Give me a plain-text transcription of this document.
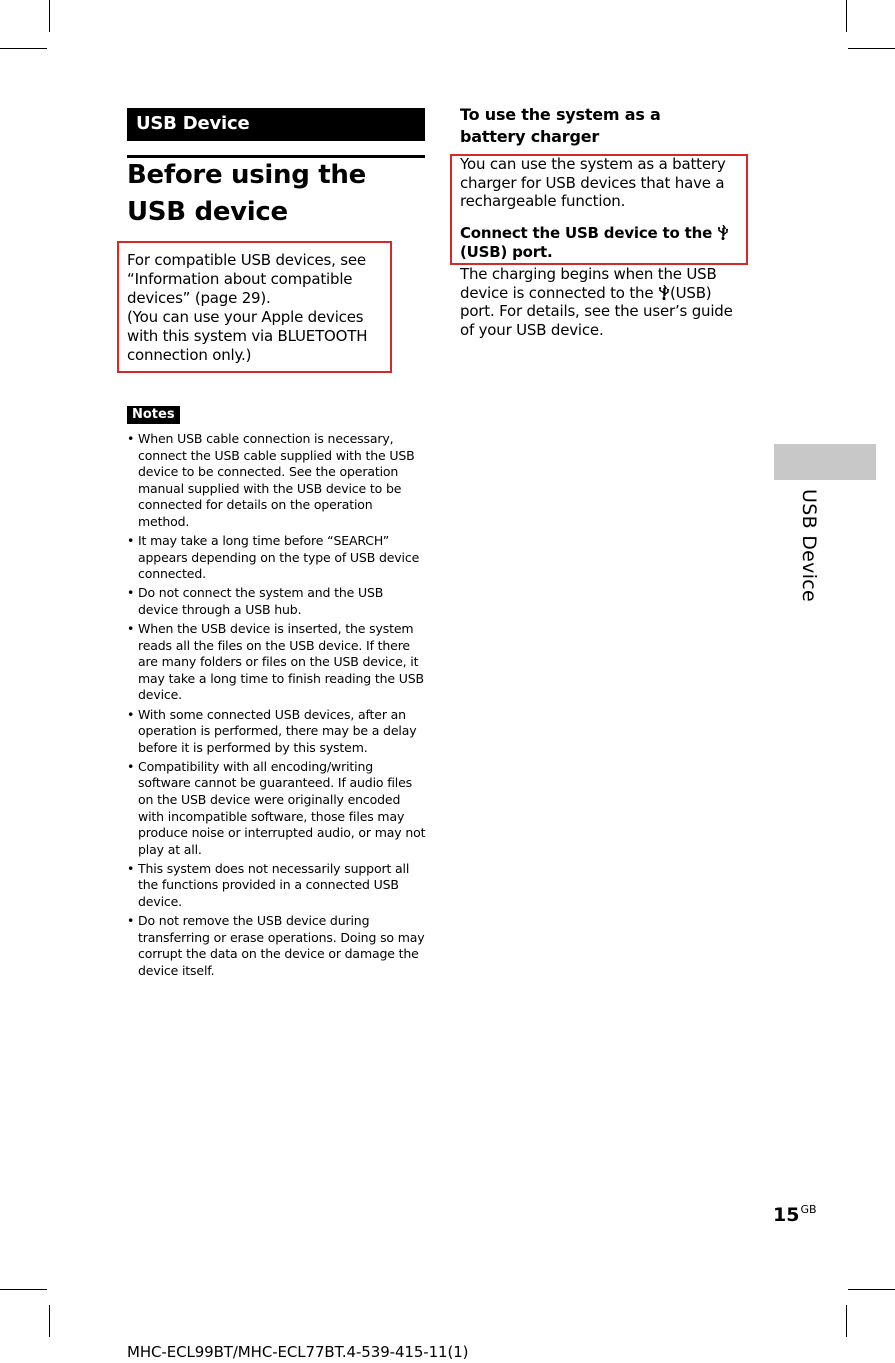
USB Device
Before using the USB device

For compatible USB devices, see “Information about compatible devices” (page 29).
(You can use your Apple devices with this system via BLUETOOTH connection only.)

Notes
• When USB cable connection is necessary, connect the USB cable supplied with the USB device to be connected. See the operation manual supplied with the USB device to be connected for details on the operation method.
• It may take a long time before “SEARCH” appears depending on the type of USB device connected.
• Do not connect the system and the USB device through a USB hub.
• When the USB device is inserted, the system reads all the files on the USB device. If there are many folders or files on the USB device, it may take a long time to finish reading the USB device.
• With some connected USB devices, after an operation is performed, there may be a delay before it is performed by this system.
• Compatibility with all encoding/writing software cannot be guaranteed. If audio files on the USB device were originally encoded with incompatible software, those files may produce noise or interrupted audio, or may not play at all.
• This system does not necessarily support all the functions provided in a connected USB device.
• Do not remove the USB device during transferring or erase operations. Doing so may corrupt the data on the device or damage the device itself.
To use the system as a battery charger

You can use the system as a battery charger for USB devices that have a rechargeable function.

Connect the USB device to the
(USB) port.

The charging begins when the USB device is connected to the (USB) port. For details, see the user’s guide of your USB device.

USB Device
$15^{GB}$
MHC-ECL99BT/MHC-ECL77BT.4-539-415-11(1)
